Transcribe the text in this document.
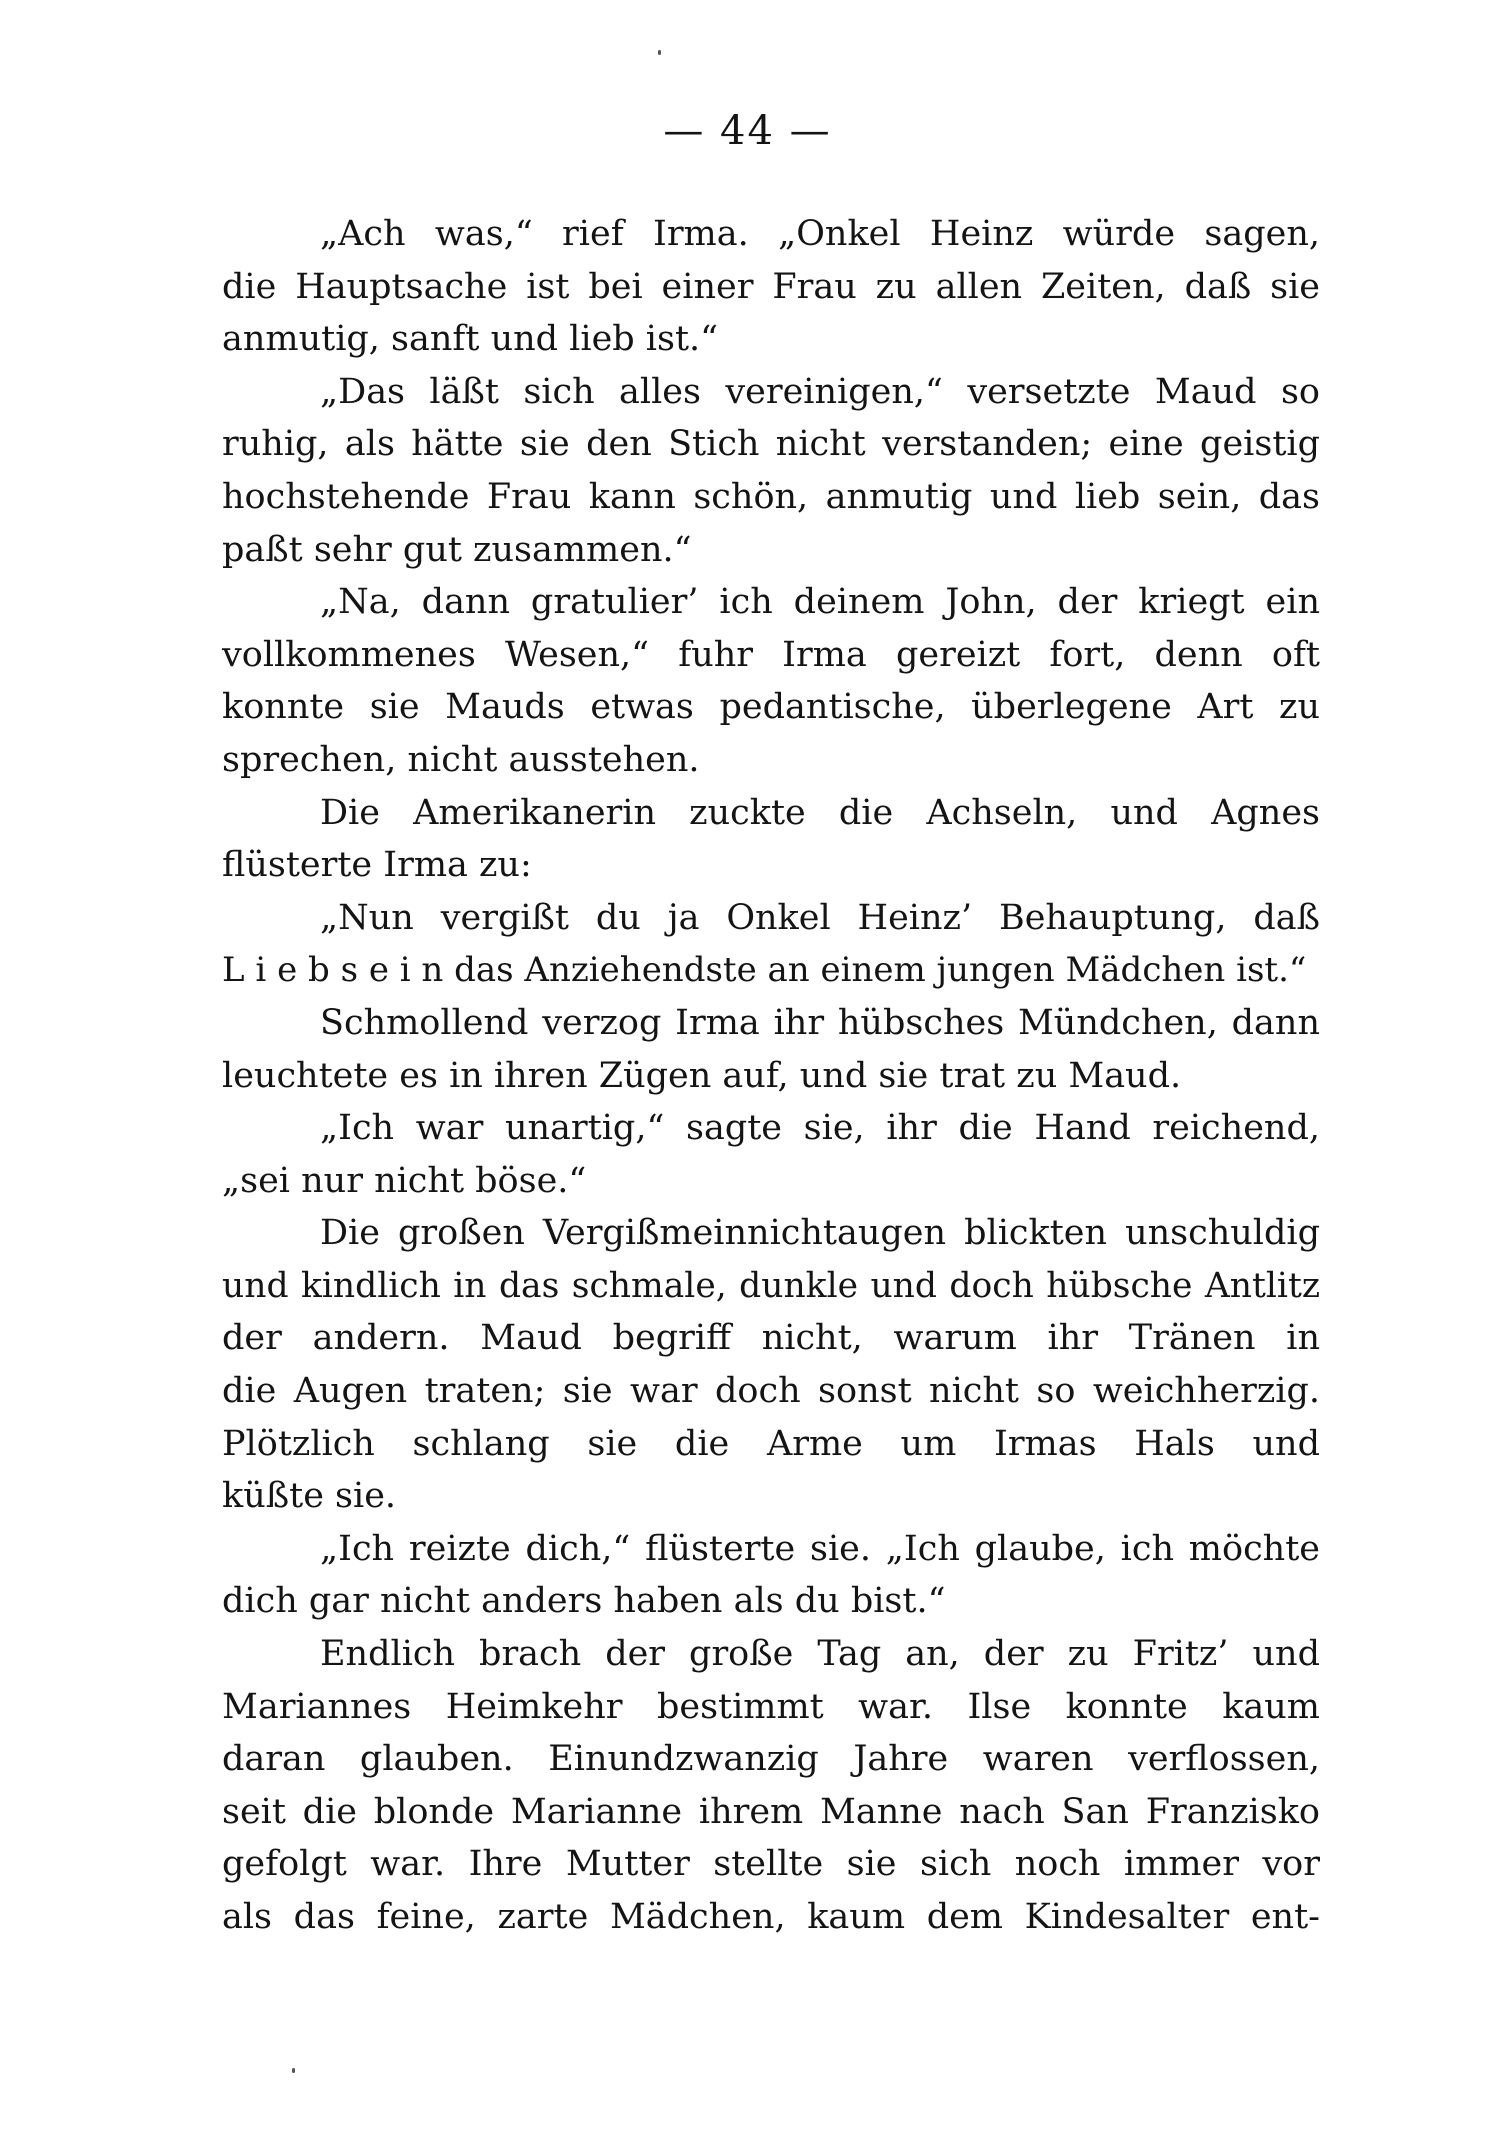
— 44 —
„Ach was,“ rief Irma. „Onkel Heinz würde sagen,
die Hauptsache ist bei einer Frau zu allen Zeiten, daß sie
anmutig, sanft und lieb ist.“
„Das läßt sich alles vereinigen,“ versetzte Maud so
ruhig, als hätte sie den Stich nicht verstanden; eine geistig
hochstehende Frau kann schön, anmutig und lieb sein, das
paßt sehr gut zusammen.“
„Na, dann gratulier’ ich deinem John, der kriegt ein
vollkommenes Wesen,“ fuhr Irma gereizt fort, denn oft
konnte sie Mauds etwas pedantische, überlegene Art zu
sprechen, nicht ausstehen.
Die Amerikanerin zuckte die Achseln, und Agnes
flüsterte Irma zu:
„Nun vergißt du ja Onkel Heinz’ Behauptung, daß
L i e b s e i n das Anziehendste an einem jungen Mädchen ist.“
Schmollend verzog Irma ihr hübsches Mündchen, dann
leuchtete es in ihren Zügen auf, und sie trat zu Maud.
„Ich war unartig,“ sagte sie, ihr die Hand reichend,
„sei nur nicht böse.“
Die großen Vergißmeinnichtaugen blickten unschuldig
und kindlich in das schmale, dunkle und doch hübsche Antlitz
der andern. Maud begriff nicht, warum ihr Tränen in
die Augen traten; sie war doch sonst nicht so weichherzig.
Plötzlich schlang sie die Arme um Irmas Hals und
küßte sie.
„Ich reizte dich,“ flüsterte sie. „Ich glaube, ich möchte
dich gar nicht anders haben als du bist.“
Endlich brach der große Tag an, der zu Fritz’ und
Mariannes Heimkehr bestimmt war. Ilse konnte kaum
daran glauben. Einundzwanzig Jahre waren verflossen,
seit die blonde Marianne ihrem Manne nach San Franzisko
gefolgt war. Ihre Mutter stellte sie sich noch immer vor
als das feine, zarte Mädchen, kaum dem Kindesalter ent-
